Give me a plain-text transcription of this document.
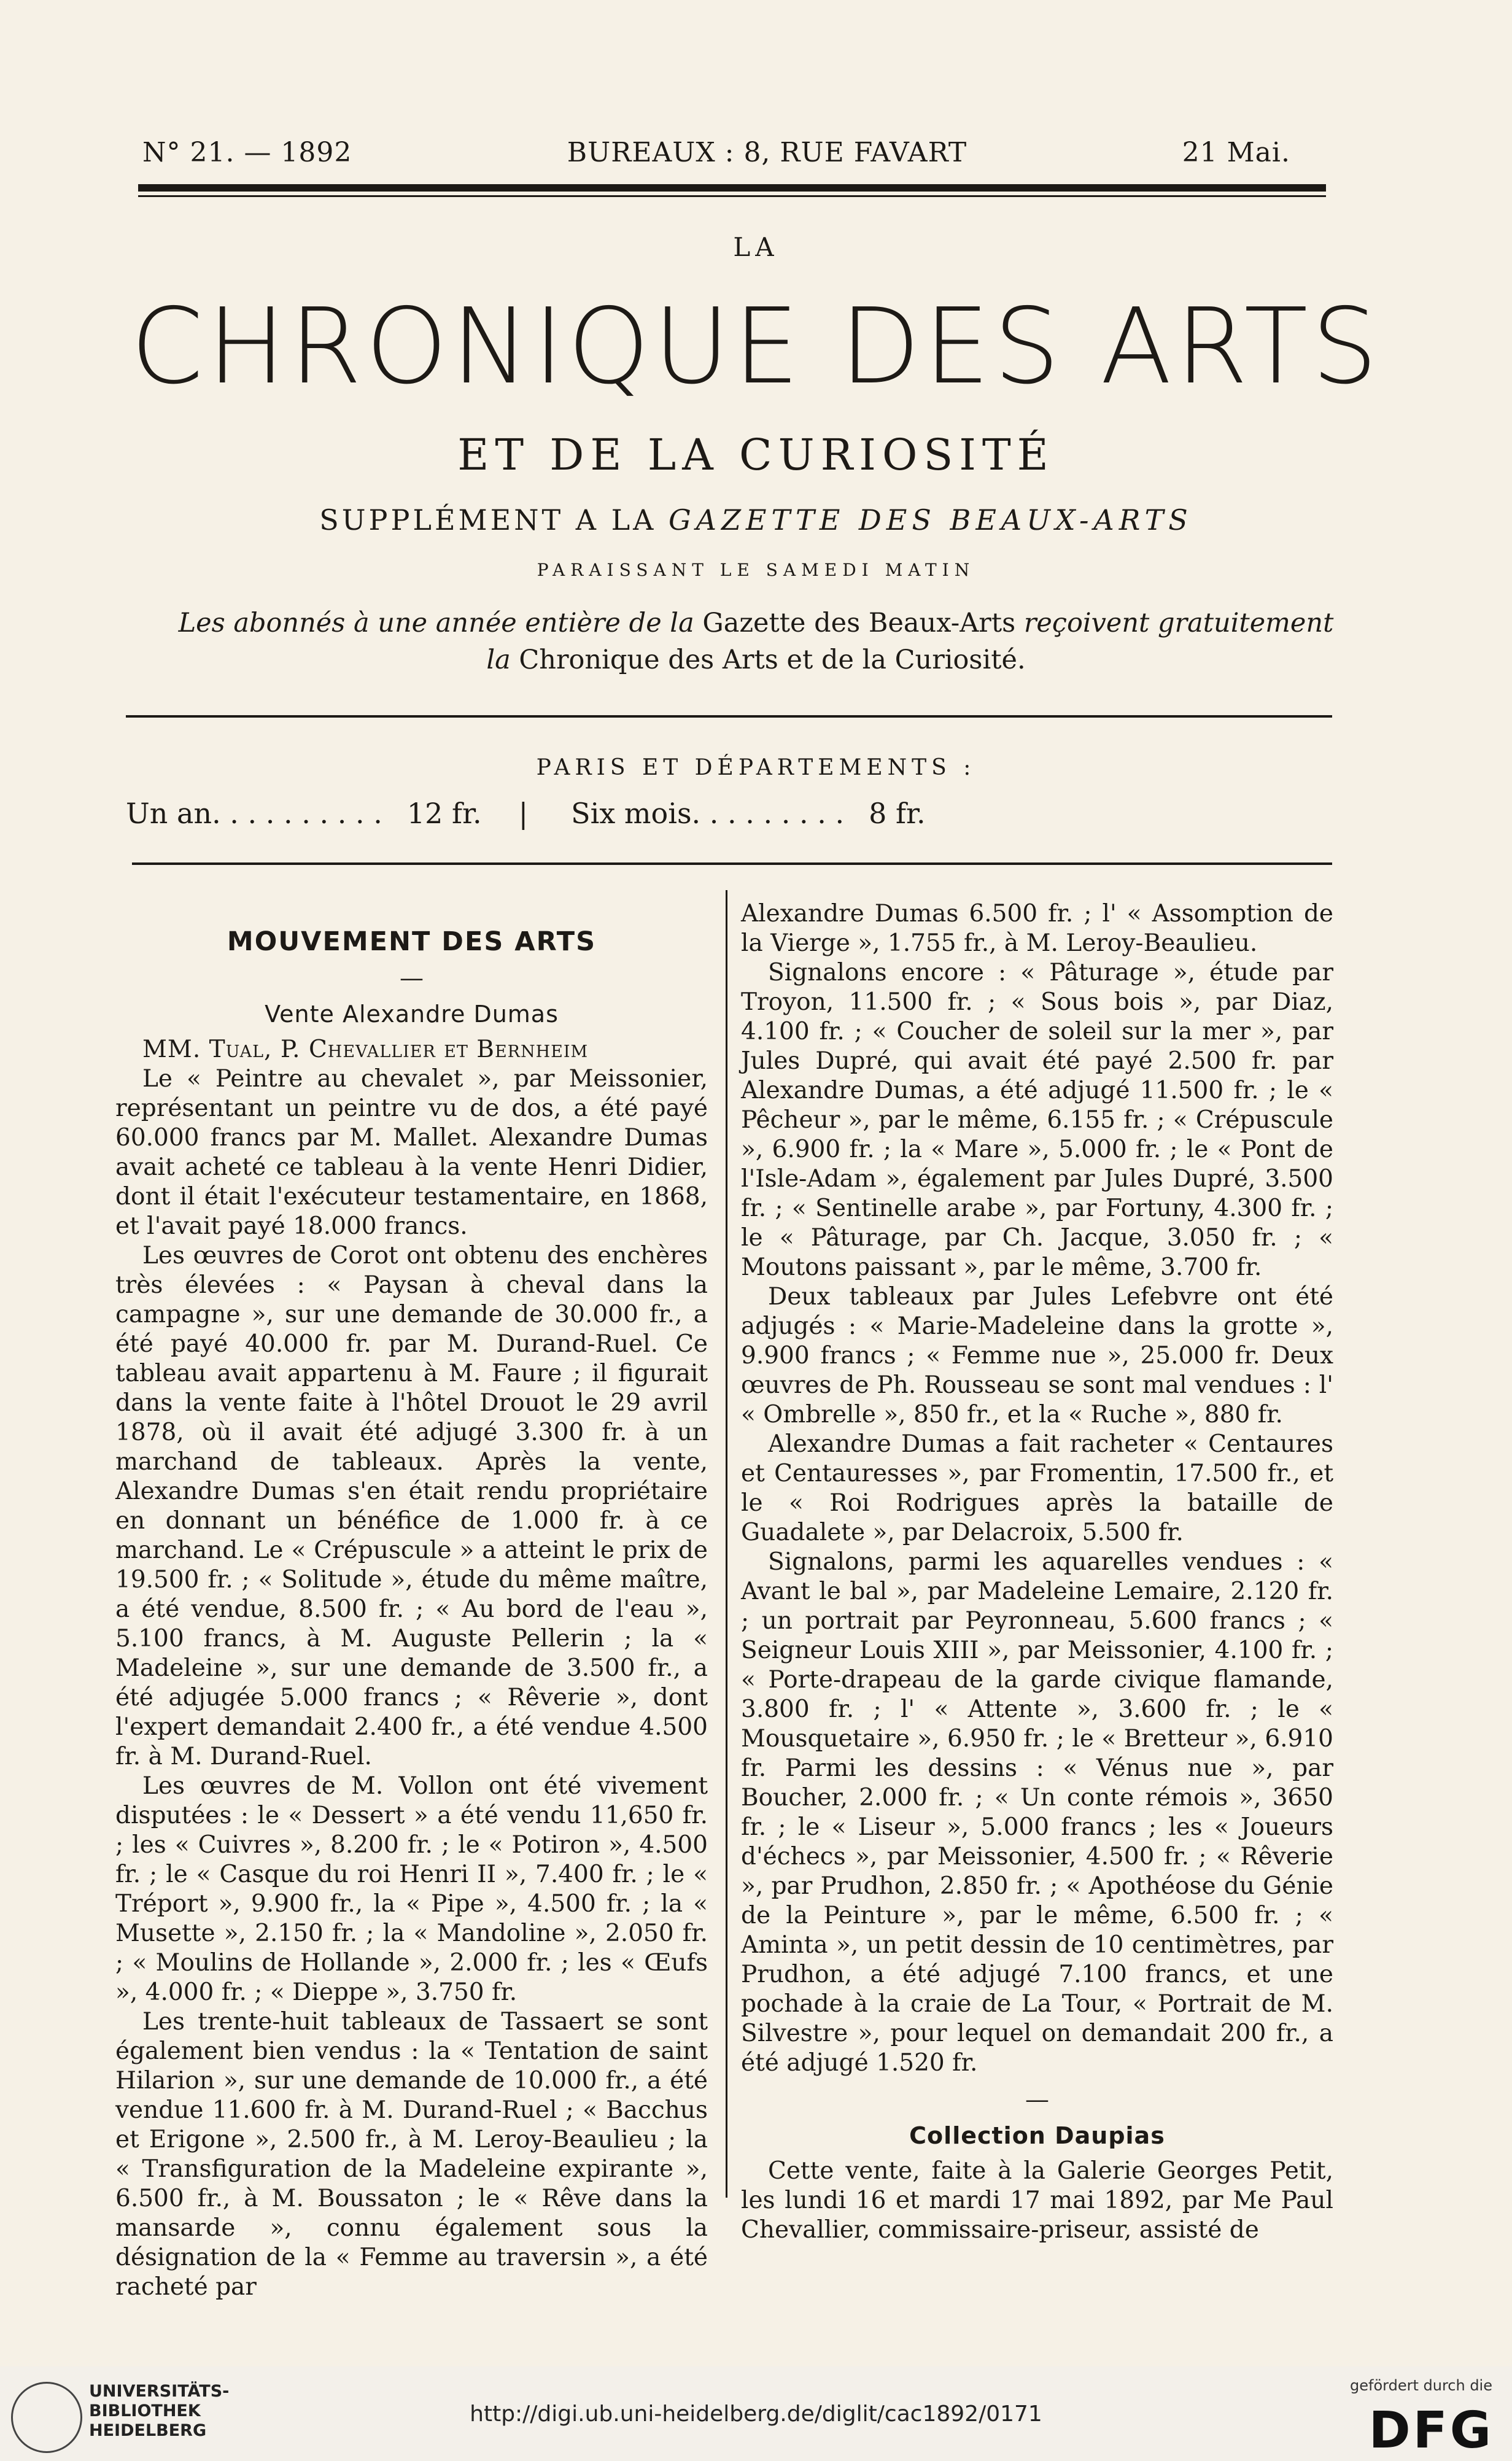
N° 21. — 1892	BUREAUX : 8, RUE FAVART	21 Mai.
LA
CHRONIQUE DES ARTS
ET DE LA CURIOSITÉ
SUPPLÉMENT A LA GAZETTE DES BEAUX-ARTS
PARAISSANT LE SAMEDI MATIN
Les abonnés à une année entière de la Gazette des Beaux-Arts reçoivent gratuitement
la Chronique des Arts et de la Curiosité.
PARIS ET DÉPARTEMENTS :
Un an. . . . . . . . . . 12 fr. | Six mois. . . . . . . . . 8 fr.
MOUVEMENT DES ARTS
—
Vente Alexandre Dumas

MM. Tual, P. Chevallier et Bernheim

Le « Peintre au chevalet », par Meissonier, représentant un peintre vu de dos, a été payé 60.000 francs par M. Mallet. Alexandre Dumas avait acheté ce tableau à la vente Henri Didier, dont il était l'exécuteur testamentaire, en 1868, et l'avait payé 18.000 francs.

Les œuvres de Corot ont obtenu des enchères très élevées : « Paysan à cheval dans la campagne », sur une demande de 30.000 fr., a été payé 40.000 fr. par M. Durand-Ruel. Ce tableau avait appartenu à M. Faure ; il figurait dans la vente faite à l'hôtel Drouot le 29 avril 1878, où il avait été adjugé 3.300 fr. à un marchand de tableaux. Après la vente, Alexandre Dumas s'en était rendu propriétaire en donnant un bénéfice de 1.000 fr. à ce marchand. Le « Crépuscule » a atteint le prix de 19.500 fr. ; « Solitude », étude du même maître, a été vendue, 8.500 fr. ; « Au bord de l'eau », 5.100 francs, à M. Auguste Pellerin ; la « Madeleine », sur une demande de 3.500 fr., a été adjugée 5.000 francs ; « Rêverie », dont l'expert demandait 2.400 fr., a été vendue 4.500 fr. à M. Durand-Ruel.

Les œuvres de M. Vollon ont été vivement disputées : le « Dessert » a été vendu 11,650 fr. ; les « Cuivres », 8.200 fr. ; le « Potiron », 4.500 fr. ; le « Casque du roi Henri II », 7.400 fr. ; le « Tréport », 9.900 fr., la « Pipe », 4.500 fr. ; la « Musette », 2.150 fr. ; la « Mandoline », 2.050 fr. ; « Moulins de Hollande », 2.000 fr. ; les « Œufs », 4.000 fr. ; « Dieppe », 3.750 fr.

Les trente-huit tableaux de Tassaert se sont également bien vendus : la « Tentation de saint Hilarion », sur une demande de 10.000 fr., a été vendue 11.600 fr. à M. Durand-Ruel ; « Bacchus et Erigone », 2.500 fr., à M. Leroy-Beaulieu ; la « Transfiguration de la Madeleine expirante », 6.500 fr., à M. Boussaton ; le « Rêve dans la mansarde », connu également sous la désignation de la « Femme au traversin », a été racheté par

Alexandre Dumas 6.500 fr. ; l' « Assomption de la Vierge », 1.755 fr., à M. Leroy-Beaulieu.

Signalons encore : « Pâturage », étude par Troyon, 11.500 fr. ; « Sous bois », par Diaz, 4.100 fr. ; « Coucher de soleil sur la mer », par Jules Dupré, qui avait été payé 2.500 fr. par Alexandre Dumas, a été adjugé 11.500 fr. ; le « Pêcheur », par le même, 6.155 fr. ; « Crépuscule », 6.900 fr. ; la « Mare », 5.000 fr. ; le « Pont de l'Isle-Adam », également par Jules Dupré, 3.500 fr. ; « Sentinelle arabe », par Fortuny, 4.300 fr. ; le « Pâturage, par Ch. Jacque, 3.050 fr. ; « Moutons paissant », par le même, 3.700 fr.

Deux tableaux par Jules Lefebvre ont été adjugés : « Marie-Madeleine dans la grotte », 9.900 francs ; « Femme nue », 25.000 fr. Deux œuvres de Ph. Rousseau se sont mal vendues : l' « Ombrelle », 850 fr., et la « Ruche », 880 fr.

Alexandre Dumas a fait racheter « Centaures et Centauresses », par Fromentin, 17.500 fr., et le « Roi Rodrigues après la bataille de Guadalete », par Delacroix, 5.500 fr.

Signalons, parmi les aquarelles vendues : « Avant le bal », par Madeleine Lemaire, 2.120 fr. ; un portrait par Peyronneau, 5.600 francs ; « Seigneur Louis XIII », par Meissonier, 4.100 fr. ; « Porte-drapeau de la garde civique flamande, 3.800 fr. ; l' « Attente », 3.600 fr. ; le « Mousquetaire », 6.950 fr. ; le « Bretteur », 6.910 fr. Parmi les dessins : « Vénus nue », par Boucher, 2.000 fr. ; « Un conte rémois », 3650 fr. ; le « Liseur », 5.000 francs ; les « Joueurs d'échecs », par Meissonier, 4.500 fr. ; « Rêverie », par Prudhon, 2.850 fr. ; « Apothéose du Génie de la Peinture », par le même, 6.500 fr. ; « Aminta », un petit dessin de 10 centimètres, par Prudhon, a été adjugé 7.100 francs, et une pochade à la craie de La Tour, « Portrait de M. Silvestre », pour lequel on demandait 200 fr., a été adjugé 1.520 fr.

—
Collection Daupias

Cette vente, faite à la Galerie Georges Petit, les lundi 16 et mardi 17 mai 1892, par Me Paul Chevallier, commissaire-priseur, assisté de

UNIVERSITÄTS-
BIBLIOTHEK
HEIDELBERG
http://digi.ub.uni-heidelberg.de/diglit/cac1892/0171
gefördert durch die
DFG
